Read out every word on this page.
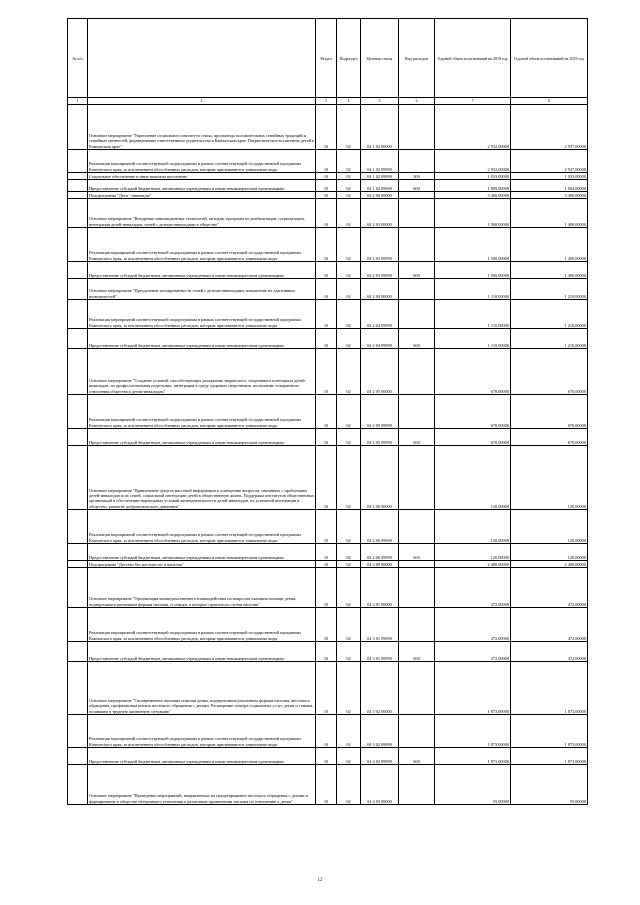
№ п/п		Раздел	Подраздел	Целевая статья	Вид расходов	Годовой объем ассигнований на 2018 год	Годовой объем ассигнований на 2019 год
1	2	3	4	5	6	7	8
	Основное мероприятие "Укрепление социального института семьи, пропаганда положительных семейных традиций и семейных ценностей, формирование ответственного родительства в Камчатском крае. Патриотическое воспитание детей в Камчатском крае"	10	02	04 1 02 00000		2 932,00000	2 937,00000
	Реализация мероприятий соответствующей подпрограммы в рамках соответствующей государственной программы Камчатского края, за исключением обособленных расходов, которым присваиваются уникальные коды	10	02	04 1 02 09990		2 932,00000	2 937,00000
	Социальное обеспечение и иные выплаты населению	10	02	04 1 02 09990	300	1 033,00000	1 033,00000
	Предоставление субсидий бюджетным, автономным учреждениям и иным некоммерческим организациям	10	02	04 1 02 09990	600	1 899,00000	1 904,00000
	Подпрограмма "Дети - инвалиды"	10	02	04 2 00 00000		3 400,00000	3 400,00000
	Основное мероприятие "Внедрение инновационных технологий, методик, программ по реабилитации, социализации, интеграции детей-инвалидов, семей с детьми-инвалидами в общество"	10	02	04 2 03 00000		1 500,00000	1 400,00000
	Реализация мероприятий соответствующей подпрограммы в рамках соответствующей государственной программы Камчатского края, за исключением обособленных расходов, которым присваиваются уникальные коды	10	02	04 2 03 09990		1 500,00000	1 400,00000
	Предоставление субсидий бюджетным, автономным учреждениям и иным некоммерческим организациям	10	02	04 2 03 09990	600	1 500,00000	1 400,00000
	Основное мероприятие "Преодоление изолированности семей с детьми-инвалидами, повышение их адаптивных возможностей"	10	02	04 2 04 00000		1 110,00000	1 210,00000
	Реализация мероприятий соответствующей подпрограммы в рамках соответствующей государственной программы Камчатского края, за исключением обособленных расходов, которым присваиваются уникальные коды	10	02	04 2 04 09990		1 110,00000	1 210,00000
	Предоставление субсидий бюджетным, автономным учреждениям и иным некоммерческим организациям	10	02	04 2 04 09990	600	1 110,00000	1 210,00000
	Основное мероприятие "Создание условий, способствующих раскрытию творческого, спортивного потенциала детей-инвалидов, их профессиональная подготовка, интеграция в среду здоровых сверстников, воспитание толерантного отношения общества к детям-инвалидам"	10	02	04 2 05 00000		670,00000	670,00000
	Реализация мероприятий соответствующей подпрограммы в рамках соответствующей государственной программы Камчатского края, за исключением обособленных расходов, которым присваиваются уникальные коды	10	02	04 2 05 09990		670,00000	670,00000
	Предоставление субсидий бюджетным, автономным учреждениям и иным некоммерческим организациям	10	02	04 2 05 09990	600	670,00000	670,00000
	Основное мероприятие "Привлечение средств массовой информации к освещению вопросов, связанных с проблемами детей-инвалидов и их семей, социальной интеграции детей в общественную жизнь. Поддержка институтов общественных организаций в обеспечении нормальных условий жизнедеятельности детей-инвалидов, их успешной интеграции в общество, развитие добровольческого движения"	10	02	04 2 06 00000		120,00000	120,00000
	Реализация мероприятий соответствующей подпрограммы в рамках соответствующей государственной программы Камчатского края, за исключением обособленных расходов, которым присваиваются уникальные коды	10	02	04 2 06 09990		120,00000	120,00000
	Предоставление субсидий бюджетным, автономным учреждениям и иным некоммерческим организациям	10	02	04 2 06 09990	600	120,00000	120,00000
	Подпрограмма "Детство без жестокости и насилия"	10	02	04 3 00 00000		2 400,00000	2 400,00000
	Основное мероприятие "Организация межведомственного взаимодействия по вопросам оказания помощи детям, подвергшимся различным формам насилия, и семьям, в которых произошла случаи насилия"	10	02	04 3 01 00000		472,00000	472,00000
	Реализация мероприятий соответствующей подпрограммы в рамках соответствующей государственной программы Камчатского края, за исключением обособленных расходов, которым присваиваются уникальные коды	10	02	04 3 01 09990		472,00000	472,00000
	Предоставление субсидий бюджетным, автономным учреждениям и иным некоммерческим организациям	10	02	04 3 01 09990	600	472,00000	472,00000
	Основное мероприятие "Своевременное оказание помощи детям, подвергшимся различным формам насилия, жестокого обращения, профилактика рисков жестокого обращения с детьми. Расширение спектра социальных услуг детям и семьям, попавшим в трудную жизненную ситуацию"	10	02	04 3 02 00000		1 873,00000	1 873,00000
	Реализация мероприятий соответствующей подпрограммы в рамках соответствующей государственной программы Камчатского края, за исключением обособленных расходов, которым присваиваются уникальные коды	10	02	04 3 02 09990		1 873,00000	1 873,00000
	Предоставление субсидий бюджетным, автономным учреждениям и иным некоммерческим организациям	10	02	04 3 02 09990	600	1 873,00000	1 873,00000
	Основное мероприятие "Проведение мероприятий, направленных на предотвращение жестокого обращения с детьми и формирование в обществе нетерпимого отношения к различным проявлениям насилия по отношению к детям"	10	02	04 3 03 00000		55,00000	55,00000
12
